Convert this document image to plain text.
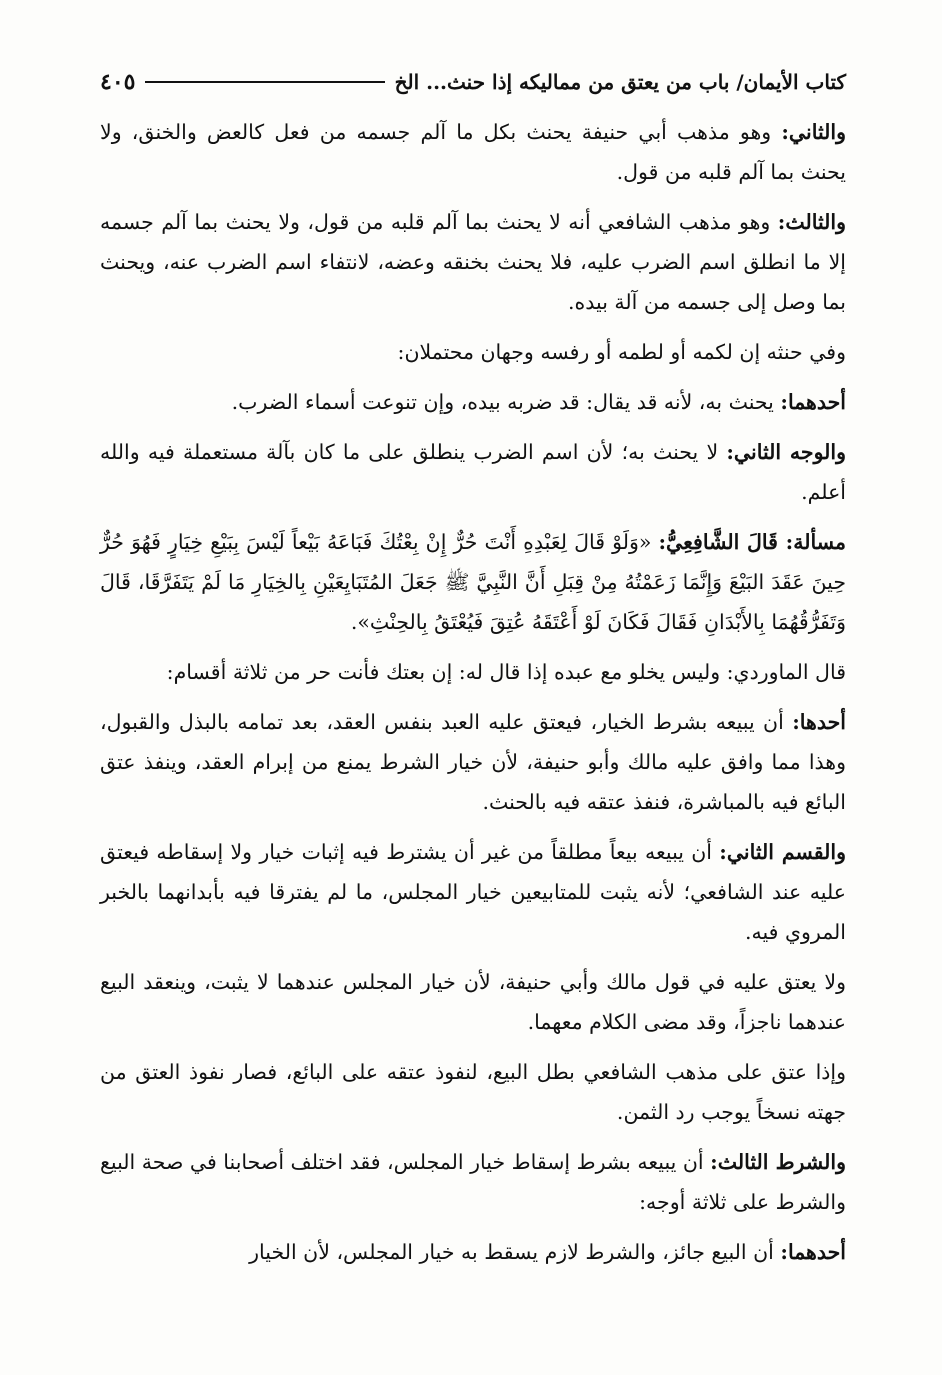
كتاب الأيمان/ باب من يعتق من مماليكه إذا حنث... الخ
٤٠٥

والثاني: وهو مذهب أبي حنيفة يحنث بكل ما آلم جسمه من فعل كالعض والخنق، ولا يحنث بما آلم قلبه من قول.

والثالث: وهو مذهب الشافعي أنه لا يحنث بما آلم قلبه من قول، ولا يحنث بما آلم جسمه إلا ما انطلق اسم الضرب عليه، فلا يحنث بخنقه وعضه، لانتفاء اسم الضرب عنه، ويحنث بما وصل إلى جسمه من آلة بيده.

وفي حنثه إن لكمه أو لطمه أو رفسه وجهان محتملان:

أحدهما: يحنث به، لأنه قد يقال: قد ضربه بيده، وإن تنوعت أسماء الضرب.

والوجه الثاني: لا يحنث به؛ لأن اسم الضرب ينطلق على ما كان بآلة مستعملة فيه والله أعلم.

مسألة: قَالَ الشَّافِعِيُّ: «وَلَوْ قَالَ لِعَبْدِهِ أَنْتَ حُرٌّ إِنْ بِعْتُكَ فَبَاعَهُ بَيْعاً لَيْسَ بِبَيْعِ خِيَارٍ فَهُوَ حُرٌّ حِينَ عَقَدَ البَيْعَ وَإِنَّمَا زَعَمْتُهُ مِنْ قِبَلِ أَنَّ النَّبِيَّ ﷺ جَعَلَ المُتَبَايِعَيْنِ بِالخِيَارِ مَا لَمْ يَتَفَرَّقَا، قَالَ وَتَفَرُّقُهُمَا بِالأَبْدَانِ فَقَالَ فَكَانَ لَوْ أَعْتَقَهُ عُتِقَ فَيُعْتَقُ بِالحِنْثِ».

قال الماوردي: وليس يخلو مع عبده إذا قال له: إن بعتك فأنت حر من ثلاثة أقسام:

أحدها: أن يبيعه بشرط الخيار، فيعتق عليه العبد بنفس العقد، بعد تمامه بالبذل والقبول، وهذا مما وافق عليه مالك وأبو حنيفة، لأن خيار الشرط يمنع من إبرام العقد، وينفذ عتق البائع فيه بالمباشرة، فنفذ عتقه فيه بالحنث.

والقسم الثاني: أن يبيعه بيعاً مطلقاً من غير أن يشترط فيه إثبات خيار ولا إسقاطه فيعتق عليه عند الشافعي؛ لأنه يثبت للمتابيعين خيار المجلس، ما لم يفترقا فيه بأبدانهما بالخبر المروي فيه.

ولا يعتق عليه في قول مالك وأبي حنيفة، لأن خيار المجلس عندهما لا يثبت، وينعقد البيع عندهما ناجزاً، وقد مضى الكلام معهما.

وإذا عتق على مذهب الشافعي بطل البيع، لنفوذ عتقه على البائع، فصار نفوذ العتق من جهته نسخاً يوجب رد الثمن.

والشرط الثالث: أن يبيعه بشرط إسقاط خيار المجلس، فقد اختلف أصحابنا في صحة البيع والشرط على ثلاثة أوجه:

أحدهما: أن البيع جائز، والشرط لازم يسقط به خيار المجلس، لأن الخيار
